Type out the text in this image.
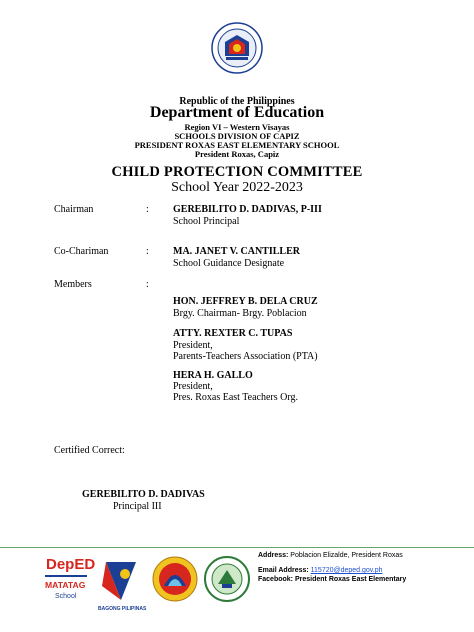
Republic of the Philippines
Department of Education
Region VI – Western Visayas
SCHOOLS DIVISION OF CAPIZ
CHILD PROTECTION COMMITTEE
School Year 2022-2023
Chairman	: GEREBILITO D. DADIVAS, P-III
School Principal
Co-Chariman	: MA. JANET V. CANTILLER
School Guidance Designate
Members	:
HON. JEFFREY B. DELA CRUZ
Brgy. Chairman- Brgy. Poblacion
ATTY. REXTER C. TUPAS
President,
Parents-Teachers Association (PTA)
HERA H. GALLO
President,
Pres. Roxas East Teachers Org.
Certified Correct:
GEREBILITO D. DADIVAS
Principal III
DepED
MATATAG
School
BAGONG PILIPINAS
Address: Poblacion Elizalde, President Roxas
Email Address: 115720@deped.gov.ph
Facebook: President Roxas East Elementary
PRESIDENT ROXAS EAST ELEMENTARY SCHOOL
President Roxas, Capiz
